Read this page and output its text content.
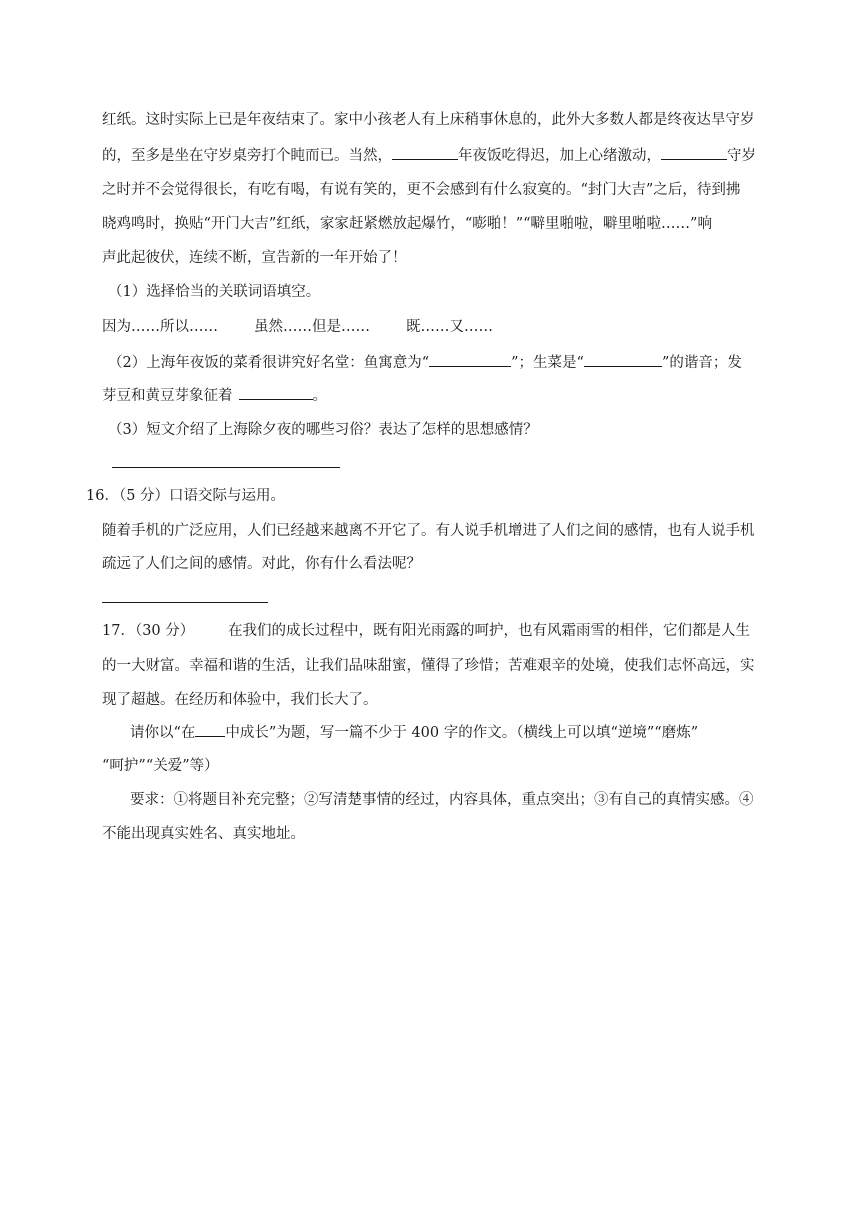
红纸。这时实际上已是年夜结束了。家中小孩老人有上床稍事休息的，此外大多数人都是终夜达旱守岁
的，至多是坐在守岁桌旁打个盹而已。当然，	年夜饭吃得迟，加上心绪激动，	守岁
之时并不会觉得很长，有吃有喝，有说有笑的，更不会感到有什么寂寞的。“封门大吉”之后，待到拂
晓鸡鸣时，换贴“开门大吉”红纸，家家赶紧燃放起爆竹，“嘭啪！”“噼里啪啦，噼里啪啦……”响
声此起彼伏，连续不断，宣告新的一年开始了！
（1）选择恰当的关联词语填空。
因为……所以…… 虽然……但是…… 既……又……
（2）上海年夜饭的菜肴很讲究好名堂：鱼寓意为“	”；生菜是“	”的谐音；发
芽豆和黄豆芽象征着	。
（3）短文介绍了上海除夕夜的哪些习俗？表达了怎样的思想感情？
16．（5 分）口语交际与运用。
随着手机的广泛应用，人们已经越来越离不开它了。有人说手机增进了人们之间的感情，也有人说手机
疏远了人们之间的感情。对此，你有什么看法呢？
17．（30 分） 在我们的成长过程中，既有阳光雨露的呵护，也有风霜雨雪的相伴，它们都是人生
的一大财富。幸福和谐的生活，让我们品味甜蜜，懂得了珍惜；苦难艰辛的处境，使我们志怀高远，实
现了超越。在经历和体验中，我们长大了。
请你以“在 中成长”为题，写一篇不少于 400 字的作文。（横线上可以填“逆境”“磨炼”
“呵护”“关爱”等）
要求：①将题目补充完整；②写清楚事情的经过，内容具体，重点突出；③有自己的真情实感。④
不能出现真实姓名、真实地址。
